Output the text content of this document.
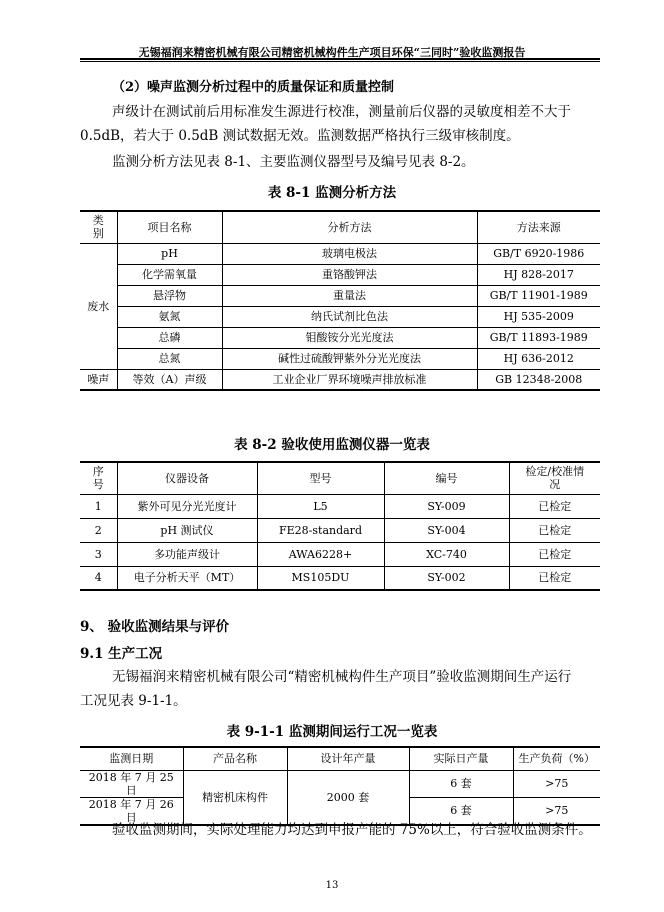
无锡福润来精密机械有限公司精密机械构件生产项目环保“三同时”验收监测报告
（2）噪声监测分析过程中的质量保证和质量控制
声级计在测试前后用标准发生源进行校准，测量前后仪器的灵敏度相差不大于
0.5dB，若大于 0.5dB 测试数据无效。监测数据严格执行三级审核制度。
监测分析方法见表 8-1、主要监测仪器型号及编号见表 8-2。
表 8-1 监测分析方法
类
别	项目名称	分析方法	方法来源
废水	pH	玻璃电极法	GB/T 6920-1986
	化学需氧量	重铬酸钾法	HJ 828-2017
	悬浮物	重量法	GB/T 11901-1989
	氨氮	纳氏试剂比色法	HJ 535-2009
	总磷	钼酸铵分光光度法	GB/T 11893-1989
	总氮	碱性过硫酸钾紫外分光光度法	HJ 636-2012
噪声	等效（A）声级	工业企业厂界环境噪声排放标准	GB 12348-2008
表 8-2 验收使用监测仪器一览表
序
号	仪器设备	型号	编号	检定/校准情
况
1	紫外可见分光光度计	L5	SY-009	已检定
2	pH 测试仪	FE28-standard	SY-004	已检定
3	多功能声级计	AWA6228+	XC-740	已检定
4	电子分析天平（MT）	MS105DU	SY-002	已检定
9、 验收监测结果与评价
9.1 生产工况
无锡福润来精密机械有限公司“精密机械构件生产项目”验收监测期间生产运行
工况见表 9-1-1。
表 9-1-1 监测期间运行工况一览表
监测日期	产品名称	设计年产量	实际日产量	生产负荷（%）
2018 年 7 月 25 日	精密机床构件	2000 套	6 套	>75
2018 年 7 月 26 日			6 套	>75
验收监测期间，实际处理能力均达到申报产能的 75%以上，符合验收监测条件。
13
